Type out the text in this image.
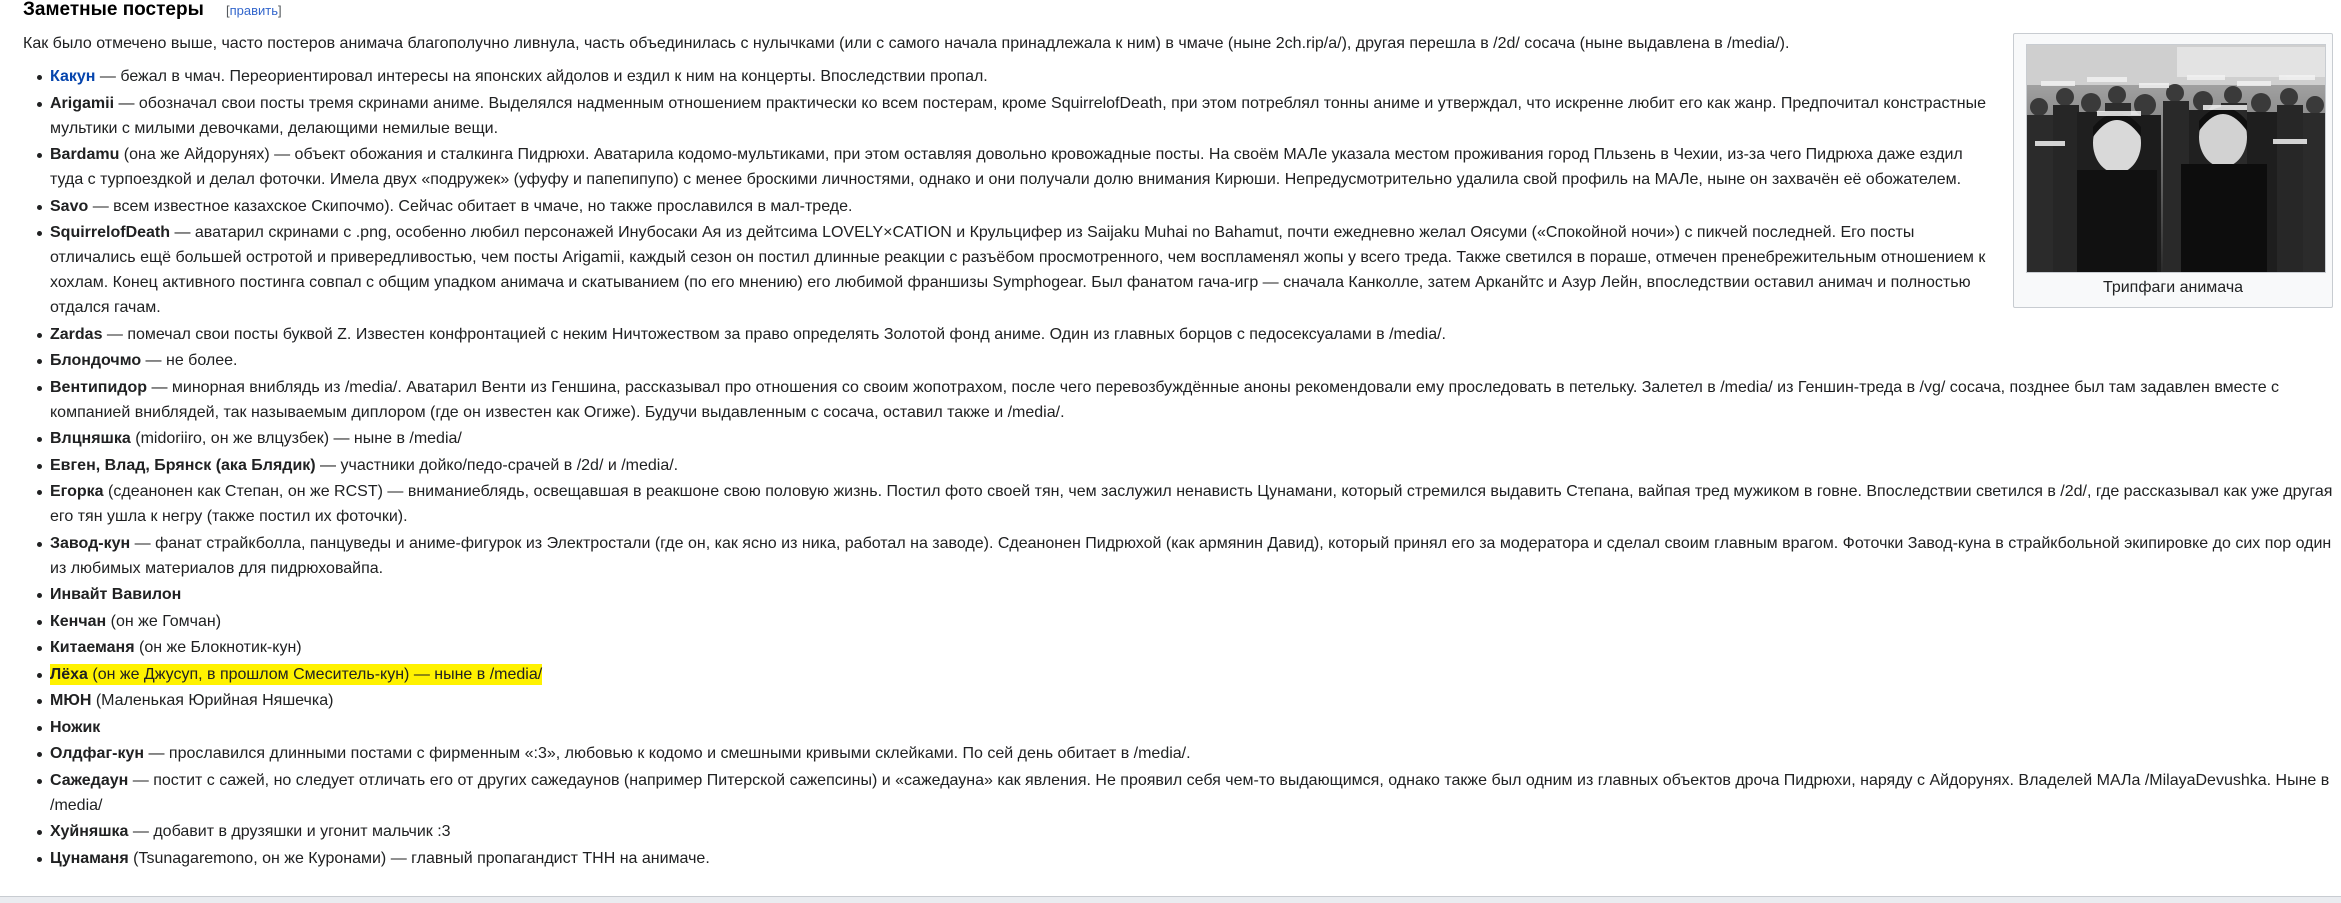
Заметные постеры [править]

Как было отмечено выше, часто постеров анимача благополучно ливнула, часть объединилась с нулычками (или с самого начала принадлежала к ним) в чмаче (ныне 2ch.rip/a/), другая перешла в /2d/ сосача (ныне выдавлена в /media/).

Трипфаги анимача
Какун — бежал в чмач. Переориентировал интересы на японских айдолов и ездил к ним на концерты. Впоследствии пропал.
Arigamii — обозначал свои посты тремя скринами аниме. Выделялся надменным отношением практически ко всем постерам, кроме SquirrelofDeath, при этом потреблял тонны аниме и утверждал, что искренне любит его как жанр. Предпочитал констрастные мультики с милыми девочками, делающими немилые вещи.
Bardamu (она же Айдорунях) — объект обожания и сталкинга Пидрюхи. Аватарила кодомо-мультиками, при этом оставляя довольно кровожадные посты. На своём МАЛе указала местом проживания город Пльзень в Чехии, из-за чего Пидрюха даже ездил туда с турпоездкой и делал фоточки. Имела двух «подружек» (уфуфу и папепипупо) с менее броскими личностями, однако и они получали долю внимания Кирюши. Непредусмотрительно удалила свой профиль на МАЛе, ныне он захвачён её обожателем.
Savo — всем известное казахское Скипочмо). Сейчас обитает в чмаче, но также прославился в мал-треде.
SquirrelofDeath — аватарил скринами с .png, особенно любил персонажей Инубосаки Ая из дейтсима LOVELY×CATION и Крульцифер из Saijaku Muhai no Bahamut, почти ежедневно желал Оясуми («Спокойной ночи») с пикчей последней. Его посты отличались ещё большей остротой и привередливостью, чем посты Arigamii, каждый сезон он постил длинные реакции с разъёбом просмотренного, чем воспламенял жопы у всего треда. Также светился в пораше, отмечен пренебрежительным отношением к хохлам. Конец активного постинга совпал с общим упадком анимача и скатыванием (по его мнению) его любимой франшизы Symphogear. Был фанатом гача-игр — сначала Канколле, затем Арканйтс и Азур Лейн, впоследствии оставил анимач и полностью отдался гачам.
Zardas — помечал свои посты буквой Z. Известен конфронтацией с неким Ничтожеством за право определять Золотой фонд аниме. Один из главных борцов с педосексуалами в /media/.
Блондочмо — не более.
Вентипидор — минорная вниблядь из /media/. Аватарил Венти из Геншина, рассказывал про отношения со своим жопотрахом, после чего перевозбуждённые аноны рекомендовали ему проследовать в петельку. Залетел в /media/ из Геншин-треда в /vg/ сосача, позднее был там задавлен вместе с компанией вниблядей, так называемым диплором (где он известен как Огиже). Будучи выдавленным с сосача, оставил также и /media/.
Влцняшка (midoriiro, он же влцузбек) — ныне в /media/
Евген, Влад, Брянск (ака Блядик) — участники дойко/педо-срачей в /2d/ и /media/.
Егорка (сдеанонен как Степан, он же RCST) — вниманиеблядь, освещавшая в реакшоне свою половую жизнь. Постил фото своей тян, чем заслужил ненависть Цунамани, который стремился выдавить Степана, вайпая тред мужиком в говне. Впоследствии светился в /2d/, где рассказывал как уже другая его тян ушла к негру (также постил их фоточки).
Завод-кун — фанат страйкболла, панцуведы и аниме-фигурок из Электростали (где он, как ясно из ника, работал на заводе). Сдеанонен Пидрюхой (как армянин Давид), который принял его за модератора и сделал своим главным врагом. Фоточки Завод-куна в страйкбольной экипировке до сих пор один из любимых материалов для пидрюховайпа.
Инвайт Вавилон
Кенчан (он же Гомчан)
Китаеманя (он же Блокнотик-кун)
Лёха (он же Джусуп, в прошлом Смеситель-кун) — ныне в /media/
МЮН (Маленькая Юрийная Няшечка)
Ножик
Олдфаг-кун — прославился длинными постами с фирменным «:3», любовью к кодомо и смешными кривыми склейками. По сей день обитает в /media/.
Сажедаун — постит с сажей, но следует отличать его от других сажедаунов (например Питерской сажепсины) и «сажедауна» как явления. Не проявил себя чем-то выдающимся, однако также был одним из главных объектов дроча Пидрюхи, наряду с Айдорунях. Владелей МАЛа /MilayaDevushka. Ныне в /media/
Хуйняшка — добавит в друзяшки и угонит мальчик :3
Цунаманя (Tsunagaremono, он же Куронами) — главный пропагандист ТНН на анимаче.
